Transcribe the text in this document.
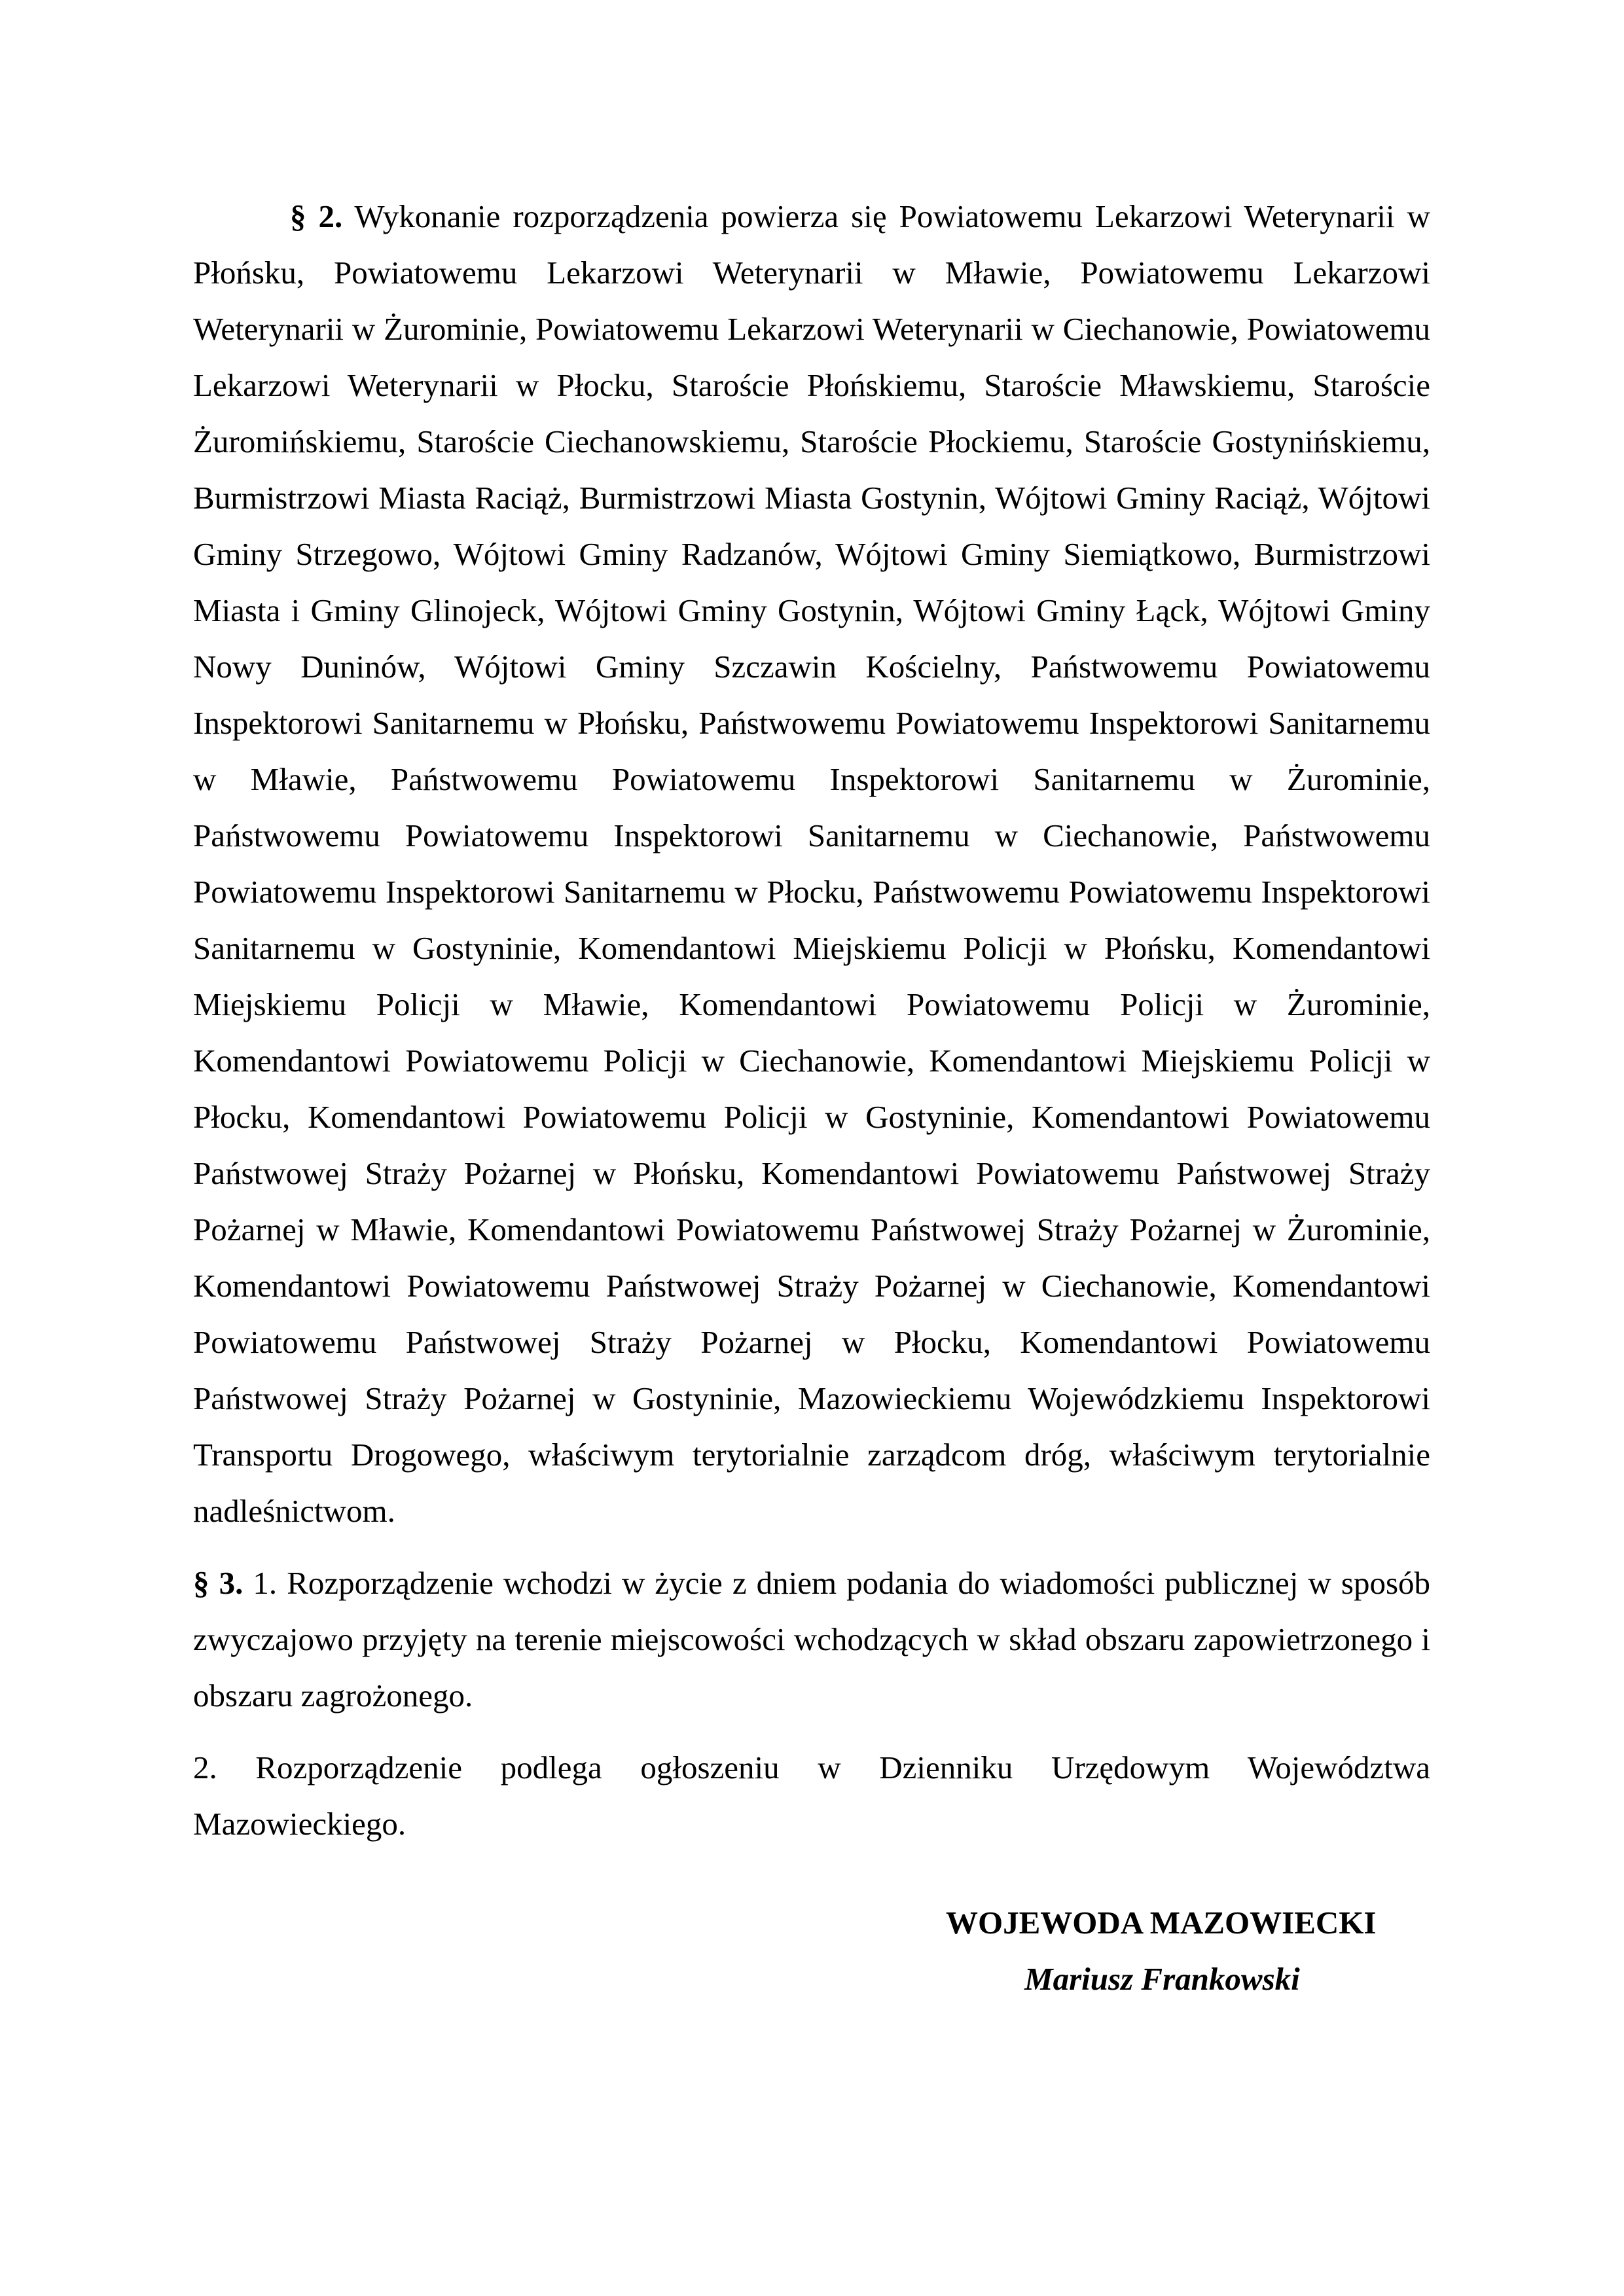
§ 2. Wykonanie rozporządzenia powierza się Powiatowemu Lekarzowi Weterynarii w Płońsku, Powiatowemu Lekarzowi Weterynarii w Mławie, Powiatowemu Lekarzowi Weterynarii w Żurominie, Powiatowemu Lekarzowi Weterynarii w Ciechanowie, Powiatowemu Lekarzowi Weterynarii w Płocku, Staroście Płońskiemu, Staroście Mławskiemu, Staroście Żuromińskiemu, Staroście Ciechanowskiemu, Staroście Płockiemu, Staroście Gostynińskiemu, Burmistrzowi Miasta Raciąż, Burmistrzowi Miasta Gostynin, Wójtowi Gminy Raciąż, Wójtowi Gminy Strzegowo, Wójtowi Gminy Radzanów, Wójtowi Gminy Siemiątkowo, Burmistrzowi Miasta i Gminy Glinojeck, Wójtowi Gminy Gostynin, Wójtowi Gminy Łąck, Wójtowi Gminy Nowy Duninów, Wójtowi Gminy Szczawin Kościelny, Państwowemu Powiatowemu Inspektorowi Sanitarnemu w Płońsku, Państwowemu Powiatowemu Inspektorowi Sanitarnemu w Mławie, Państwowemu Powiatowemu Inspektorowi Sanitarnemu w Żurominie, Państwowemu Powiatowemu Inspektorowi Sanitarnemu w Ciechanowie, Państwowemu Powiatowemu Inspektorowi Sanitarnemu w Płocku, Państwowemu Powiatowemu Inspektorowi Sanitarnemu w Gostyninie, Komendantowi Miejskiemu Policji w Płońsku, Komendantowi Miejskiemu Policji w Mławie, Komendantowi Powiatowemu Policji w Żurominie, Komendantowi Powiatowemu Policji w Ciechanowie, Komendantowi Miejskiemu Policji w Płocku, Komendantowi Powiatowemu Policji w Gostyninie, Komendantowi Powiatowemu Państwowej Straży Pożarnej w Płońsku, Komendantowi Powiatowemu Państwowej Straży Pożarnej w Mławie, Komendantowi Powiatowemu Państwowej Straży Pożarnej w Żurominie, Komendantowi Powiatowemu Państwowej Straży Pożarnej w Ciechanowie, Komendantowi Powiatowemu Państwowej Straży Pożarnej w Płocku, Komendantowi Powiatowemu Państwowej Straży Pożarnej w Gostyninie, Mazowieckiemu Wojewódzkiemu Inspektorowi Transportu Drogowego, właściwym terytorialnie zarządcom dróg, właściwym terytorialnie nadleśnictwom.

§ 3. 1. Rozporządzenie wchodzi w życie z dniem podania do wiadomości publicznej w sposób zwyczajowo przyjęty na terenie miejscowości wchodzących w skład obszaru zapowietrzonego i obszaru zagrożonego.

2. Rozporządzenie podlega ogłoszeniu w Dzienniku Urzędowym Województwa Mazowieckiego.

WOJEWODA MAZOWIECKI

Mariusz Frankowski
